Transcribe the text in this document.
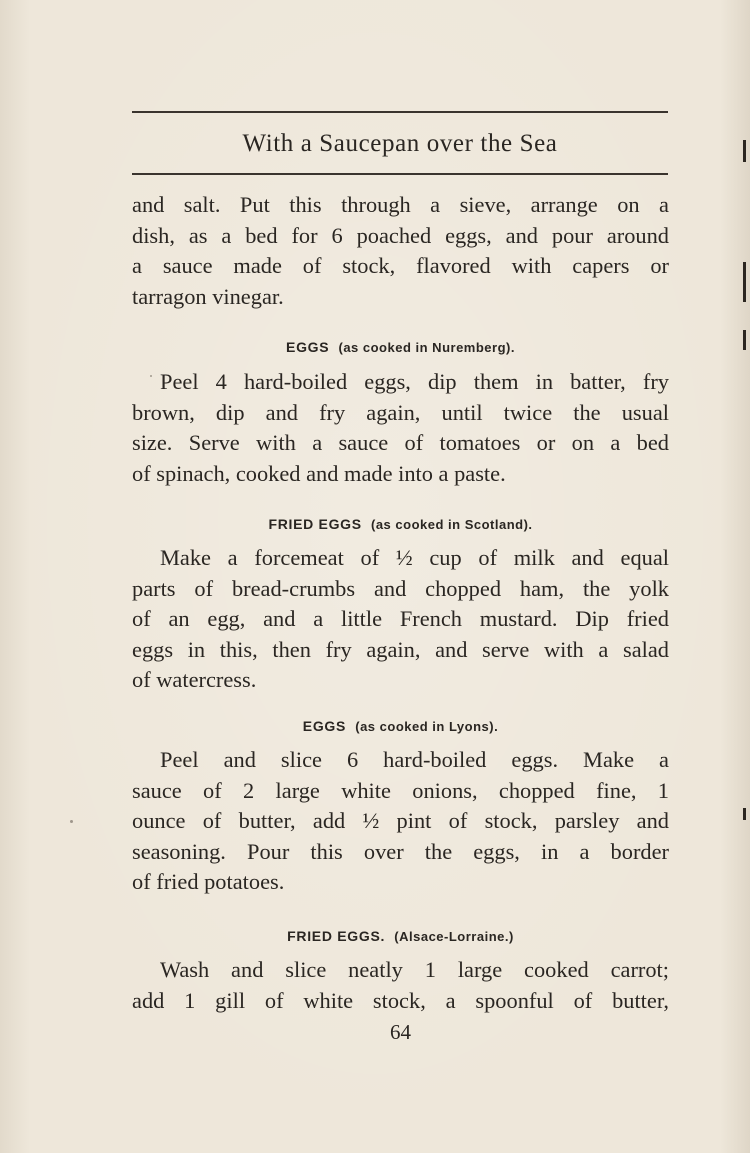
With a Saucepan over the Sea
and salt. Put this through a sieve, arrange on a
dish, as a bed for 6 poached eggs, and pour around
a sauce made of stock, flavored with capers or
tarragon vinegar.
EGGS (as cooked in Nuremberg).
Peel 4 hard-boiled eggs, dip them in batter, fry
brown, dip and fry again, until twice the usual
size. Serve with a sauce of tomatoes or on a bed
of spinach, cooked and made into a paste.
FRIED EGGS (as cooked in Scotland).
Make a forcemeat of ½ cup of milk and equal
parts of bread-crumbs and chopped ham, the yolk
of an egg, and a little French mustard. Dip fried
eggs in this, then fry again, and serve with a salad
of watercress.
EGGS (as cooked in Lyons).
Peel and slice 6 hard-boiled eggs. Make a
sauce of 2 large white onions, chopped fine, 1
ounce of butter, add ½ pint of stock, parsley and
seasoning. Pour this over the eggs, in a border
of fried potatoes.
FRIED EGGS. (Alsace-Lorraine.)
Wash and slice neatly 1 large cooked carrot;
add 1 gill of white stock, a spoonful of butter,
64
